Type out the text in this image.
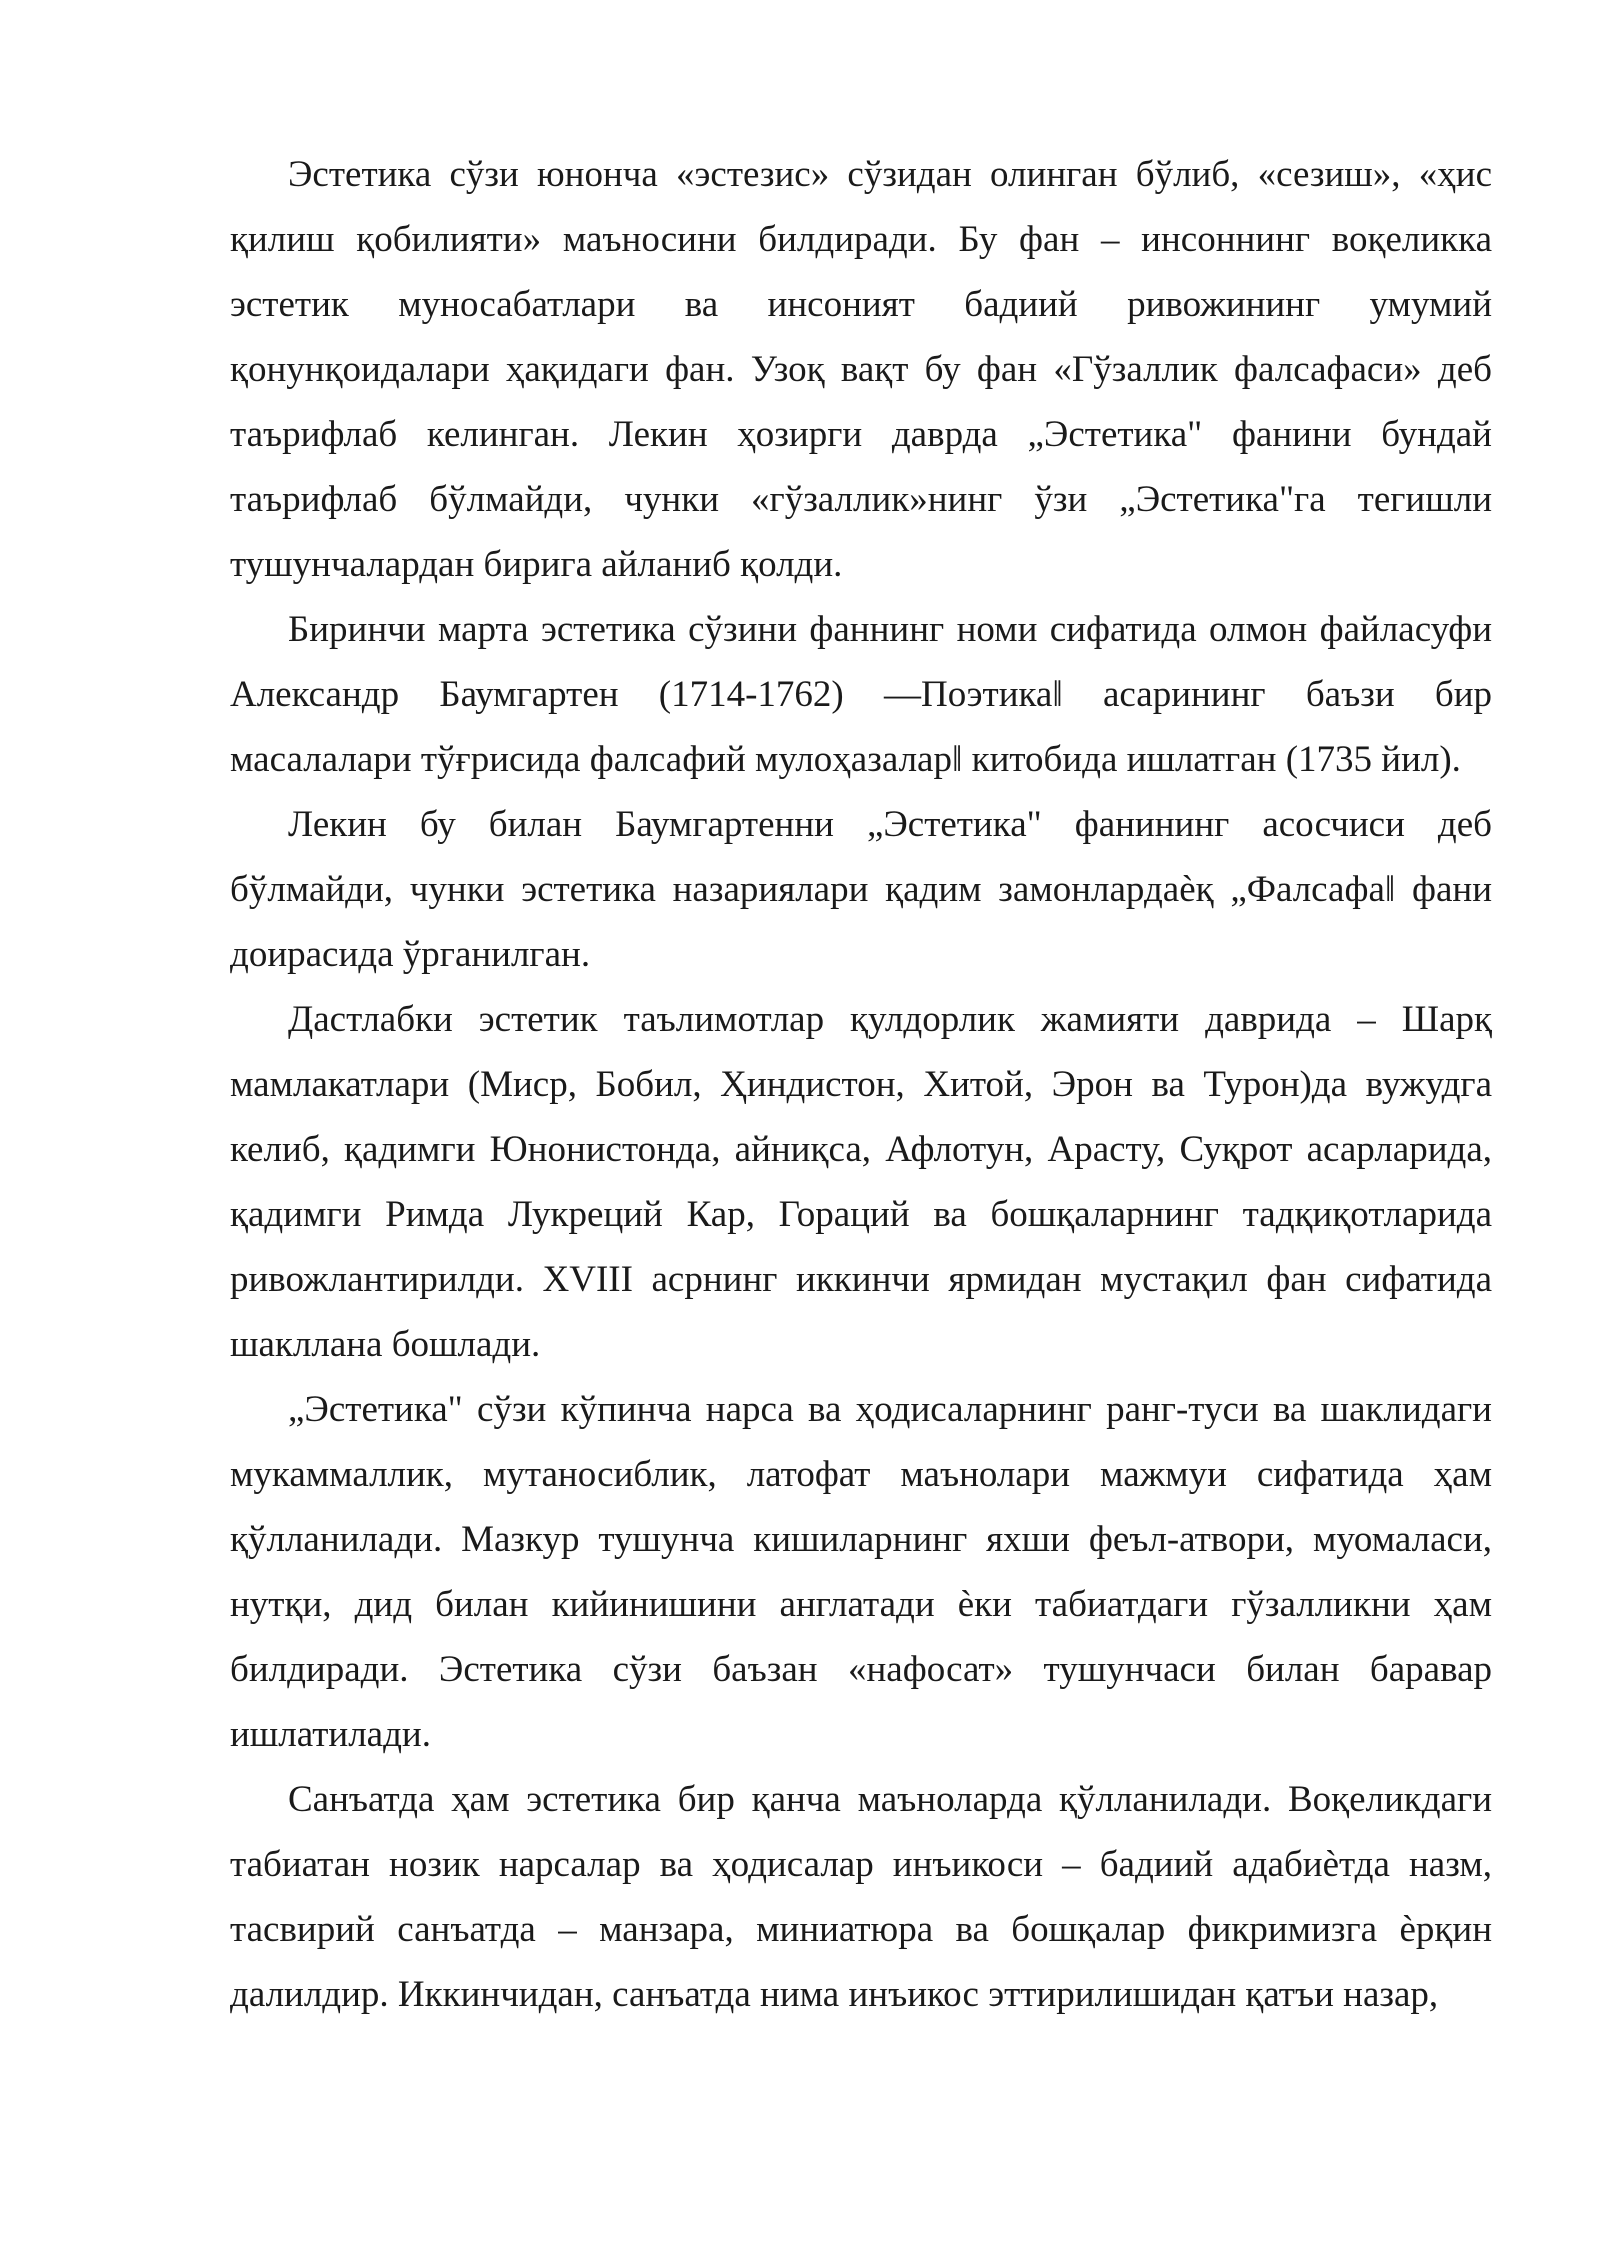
Эстетика сўзи юнонча «эстезис» сўзидан олинган бўлиб, «сезиш», «ҳис қилиш қобилияти» маъносини билдиради. Бу фан – инсоннинг воқеликка эстетик муносабатлари ва инсоният бадиий ривожининг умумий қонунқоидалари ҳақидаги фан. Узоқ вақт бу фан «Гўзаллик фалсафаси» деб таърифлаб келинган. Лекин ҳозирги даврда „Эстетика" фанини бундай таърифлаб бўлмайди, чунки «гўзаллик»нинг ўзи „Эстетика"га тегишли тушунчалардан бирига айланиб қолди.

Биринчи марта эстетика сўзини фаннинг номи сифатида олмон файласуфи Александр Баумгартен (1714-1762) ―Поэтика‖ асарининг баъзи бир масалалари тўғрисида фалсафий мулоҳазалар‖ китобида ишлатган (1735 йил).

Лекин бу билан Баумгартенни „Эстетика" фанининг асосчиси деб бўлмайди, чунки эстетика назариялари қадим замонлардаѐқ „Фалсафа‖ фани доирасида ўрганилган.

Дастлабки эстетик таълимотлар қулдорлик жамияти даврида – Шарқ мамлакатлари (Миср, Бобил, Ҳиндистон, Хитой, Эрон ва Турон)да вужудга келиб, қадимги Юнонистонда, айниқса, Афлотун, Арасту, Суқрот асарларида, қадимги Римда Лукреций Кар, Гораций ва бошқаларнинг тадқиқотларида ривожлантирилди. XVIII асрнинг иккинчи ярмидан мустақил фан сифатида шакллана бошлади.

„Эстетика" сўзи кўпинча нарса ва ҳодисаларнинг ранг-туси ва шаклидаги мукаммаллик, мутаносиблик, латофат маънолари мажмуи сифатида ҳам қўлланилади. Мазкур тушунча кишиларнинг яхши феъл-атвори, муомаласи, нутқи, дид билан кийинишини англатади ѐки табиатдаги гўзалликни ҳам билдиради. Эстетика сўзи баъзан «нафосат» тушунчаси билан баравар ишлатилади.

Санъатда ҳам эстетика бир қанча маъноларда қўлланилади. Воқеликдаги табиатан нозик нарсалар ва ҳодисалар инъикоси – бадиий адабиѐтда назм, тасвирий санъатда – манзара, миниатюра ва бошқалар фикримизга ѐрқин далилдир. Иккинчидан, санъатда нима инъикос эттирилишидан қатъи назар,
